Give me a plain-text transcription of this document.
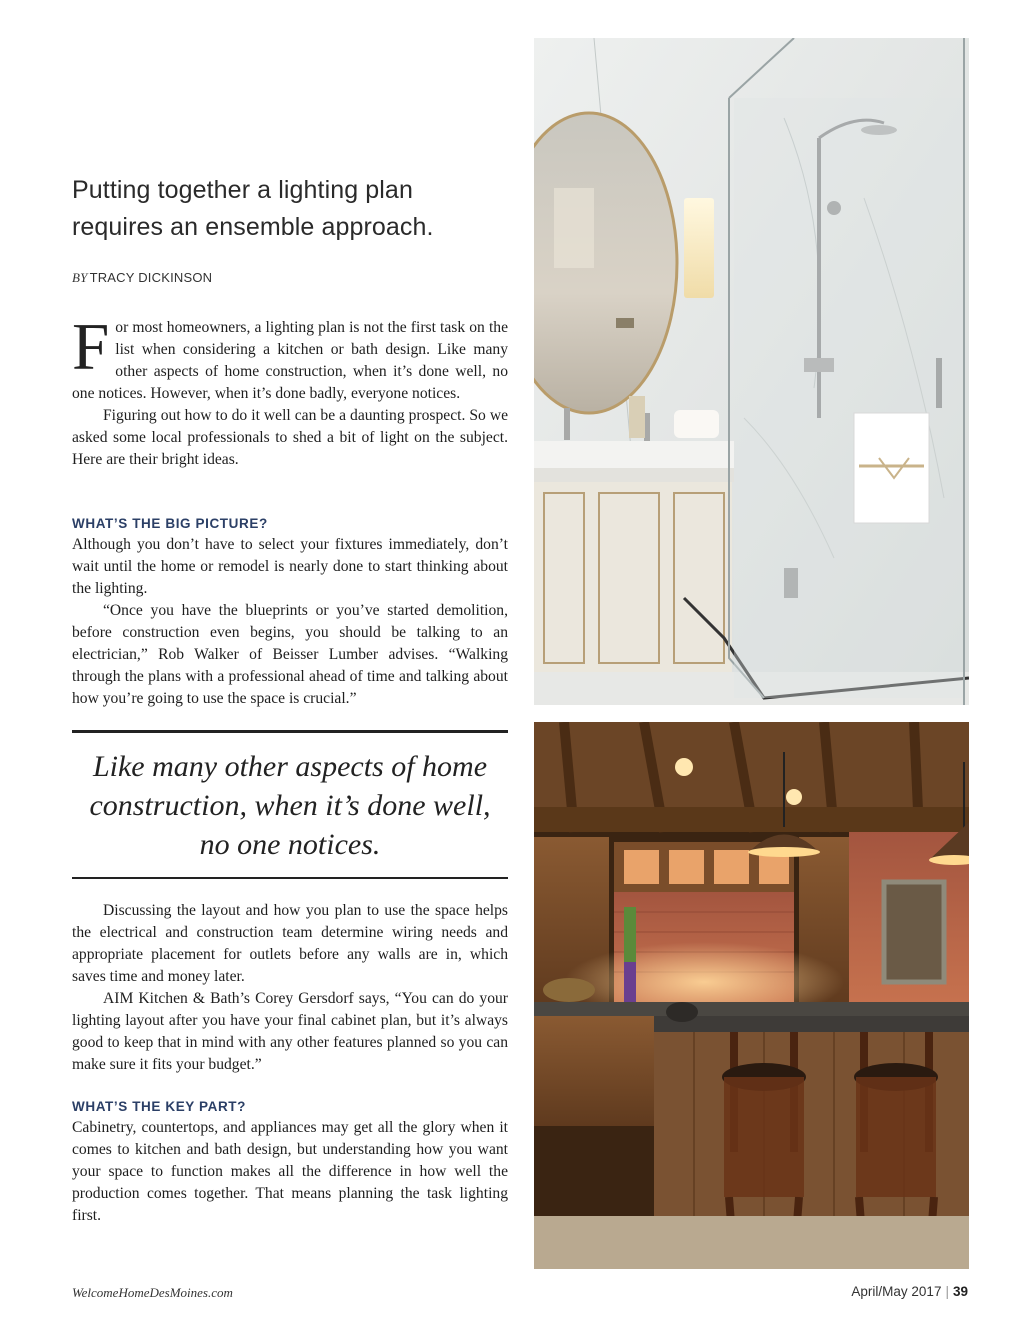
Putting together a lighting plan requires an ensemble approach.
BY TRACY DICKINSON

For most homeowners, a lighting plan is not the first task on the list when considering a kitchen or bath design. Like many other aspects of home construction, when it’s done well, no one notices. However, when it’s done badly, everyone notices.

Figuring out how to do it well can be a daunting prospect. So we asked some local professionals to shed a bit of light on the subject. Here are their bright ideas.

WHAT’S THE BIG PICTURE?

Although you don’t have to select your fixtures immediately, don’t wait until the home or remodel is nearly done to start thinking about the lighting.

“Once you have the blueprints or you’ve started demolition, before construction even begins, you should be talking to an electrician,” Rob Walker of Beisser Lumber advises. “Walking through the plans with a professional ahead of time and talking about how you’re going to use the space is crucial.”

Like many other aspects of home construction, when it’s done well, no one notices.

Discussing the layout and how you plan to use the space helps the electrical and construction team determine wiring needs and appropriate placement for outlets before any walls are in, which saves time and money later.

AIM Kitchen & Bath’s Corey Gersdorf says, “You can do your lighting layout after you have your final cabinet plan, but it’s always good to keep that in mind with any other features planned so you can make sure it fits your budget.”

WHAT’S THE KEY PART?

Cabinetry, countertops, and appliances may get all the glory when it comes to kitchen and bath design, but understanding how you want your space to function makes all the difference in how well the production comes together. That means planning the task lighting first.

WelcomeHomeDesMoines.com	April/May 2017 | 39
